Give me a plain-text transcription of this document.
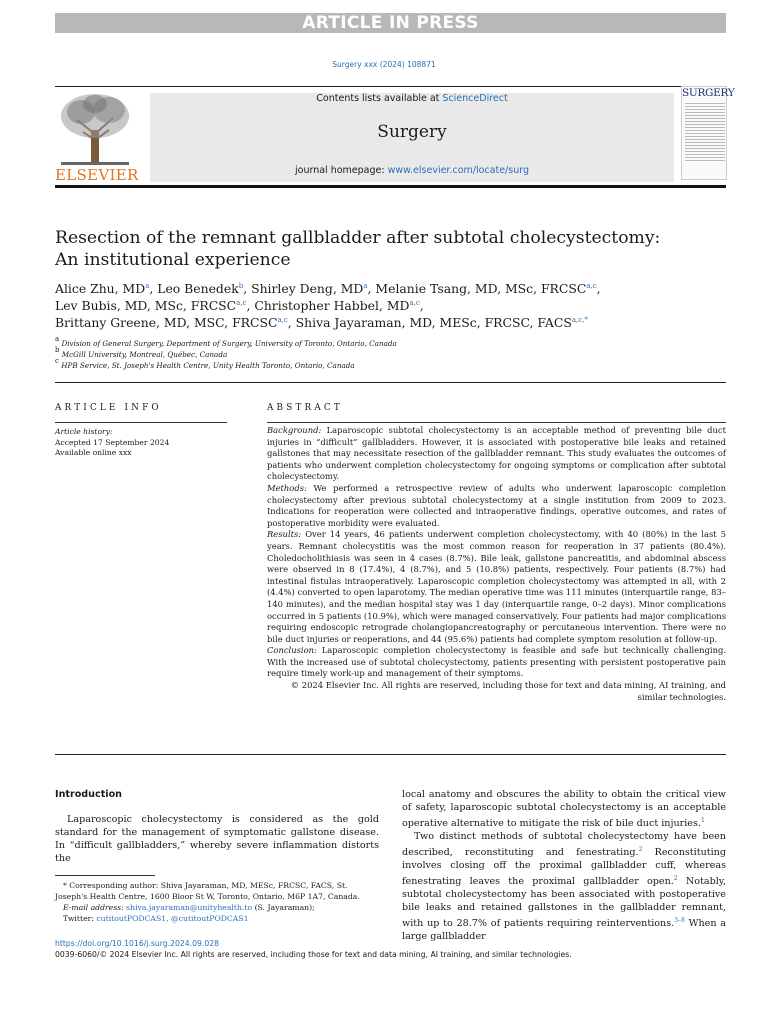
ARTICLE IN PRESS
Surgery xxx (2024) 108871
ELSEVIER
Contents lists available at ScienceDirect
Surgery
journal homepage: www.elsevier.com/locate/surg
SURGERY
Resection of the remnant gallbladder after subtotal cholecystectomy:
An institutional experience
Alice Zhu, $MD^a$, Leo Benedek$^b$, Shirley Deng, $MD^a$, Melanie Tsang, MD, MSc, FRCSC$^{a,c}$,
Lev Bubis, MD, MSc, FRCSC$^{a,c}$, Christopher Habbel, MD$^{a,c}$,
Brittany Greene, MD, MSC, FRCSC$^{a,c}$, Shiva Jayaraman, MD, MESc, FRCSC, $FACS^{a,c,*}$
$^a$ Division of General Surgery, Department of Surgery, University of Toronto, Ontario, Canada
$^b$ McGill University, Montreal, Québec, Canada
$^c$ HPB Service, St. Joseph's Health Centre, Unity Health Toronto, Ontario, Canada
ARTICLE INFO	ABSTRACT
Article history:
Accepted 17 September 2024
Available online xxx

Background: Laparoscopic subtotal cholecystectomy is an acceptable method of preventing bile duct injuries in “difficult” gallbladders. However, it is associated with postoperative bile leaks and retained gallstones that may necessitate resection of the gallbladder remnant. This study evaluates the outcomes of patients who underwent completion cholecystectomy for ongoing symptoms or complication after subtotal cholecystectomy.

Methods: We performed a retrospective review of adults who underwent laparoscopic completion cholecystectomy after previous subtotal cholecystectomy at a single institution from 2009 to 2023. Indications for reoperation were collected and intraoperative findings, operative outcomes, and rates of postoperative morbidity were evaluated.

Results: Over 14 years, 46 patients underwent completion cholecystectomy, with 40 (80%) in the last 5 years. Remnant cholecystitis was the most common reason for reoperation in 37 patients (80.4%). Choledocholithiasis was seen in 4 cases (8.7%). Bile leak, gallstone pancreatitis, and abdominal abscess were observed in 8 (17.4%), 4 (8.7%), and 5 (10.8%) patients, respectively. Four patients (8.7%) had intestinal fistulas intraoperatively. Laparoscopic completion cholecystectomy was attempted in all, with 2 (4.4%) converted to open laparotomy. The median operative time was 111 minutes (interquartile range, 83–140 minutes), and the median hospital stay was 1 day (interquartile range, 0–2 days). Minor complications occurred in 5 patients (10.9%), which were managed conservatively. Four patients had major complications requiring endoscopic retrograde cholangiopancreatography or percutaneous intervention. There were no bile duct injuries or reoperations, and 44 (95.6%) patients had complete symptom resolution at follow-up.

Conclusion: Laparoscopic completion cholecystectomy is feasible and safe but technically challenging. With the increased use of subtotal cholecystectomy, patients presenting with persistent postoperative pain require timely work-up and management of their symptoms.

© 2024 Elsevier Inc. All rights are reserved, including those for text and data mining, AI training, and similar technologies.

Introduction

Laparoscopic cholecystectomy is considered as the gold standard for the management of symptomatic gallstone disease. In “difficult gallbladders,” whereby severe inflammation distorts the

local anatomy and obscures the ability to obtain the critical view of safety, laparoscopic subtotal cholecystectomy is an acceptable operative alternative to mitigate the risk of bile duct injuries.$^1$

Two distinct methods of subtotal cholecystectomy have been described, reconstituting and fenestrating.$^2$ Reconstituting involves closing off the proximal gallbladder cuff, whereas fenestrating leaves the proximal gallbladder open.$^2$ Notably, subtotal cholecystectomy has been associated with postoperative bile leaks and retained gallstones in the gallbladder remnant, with up to 28.7% of patients requiring reinterventions.$^{3-8}$ When a large gallbladder

* Corresponding author: Shiva Jayaraman, MD, MESc, FRCSC, FACS, St. Joseph's Health Centre, 1600 Bloor St W, Toronto, Ontario, M6P 1A7, Canada.
E-mail address: shiva.jayaraman@unityhealth.to (S. Jayaraman);
Twitter: cutitoutPODCAS1, @cutitoutPODCAS1
https://doi.org/10.1016/j.surg.2024.09.028
0039-6060/© 2024 Elsevier Inc. All rights are reserved, including those for text and data mining, AI training, and similar technologies.
